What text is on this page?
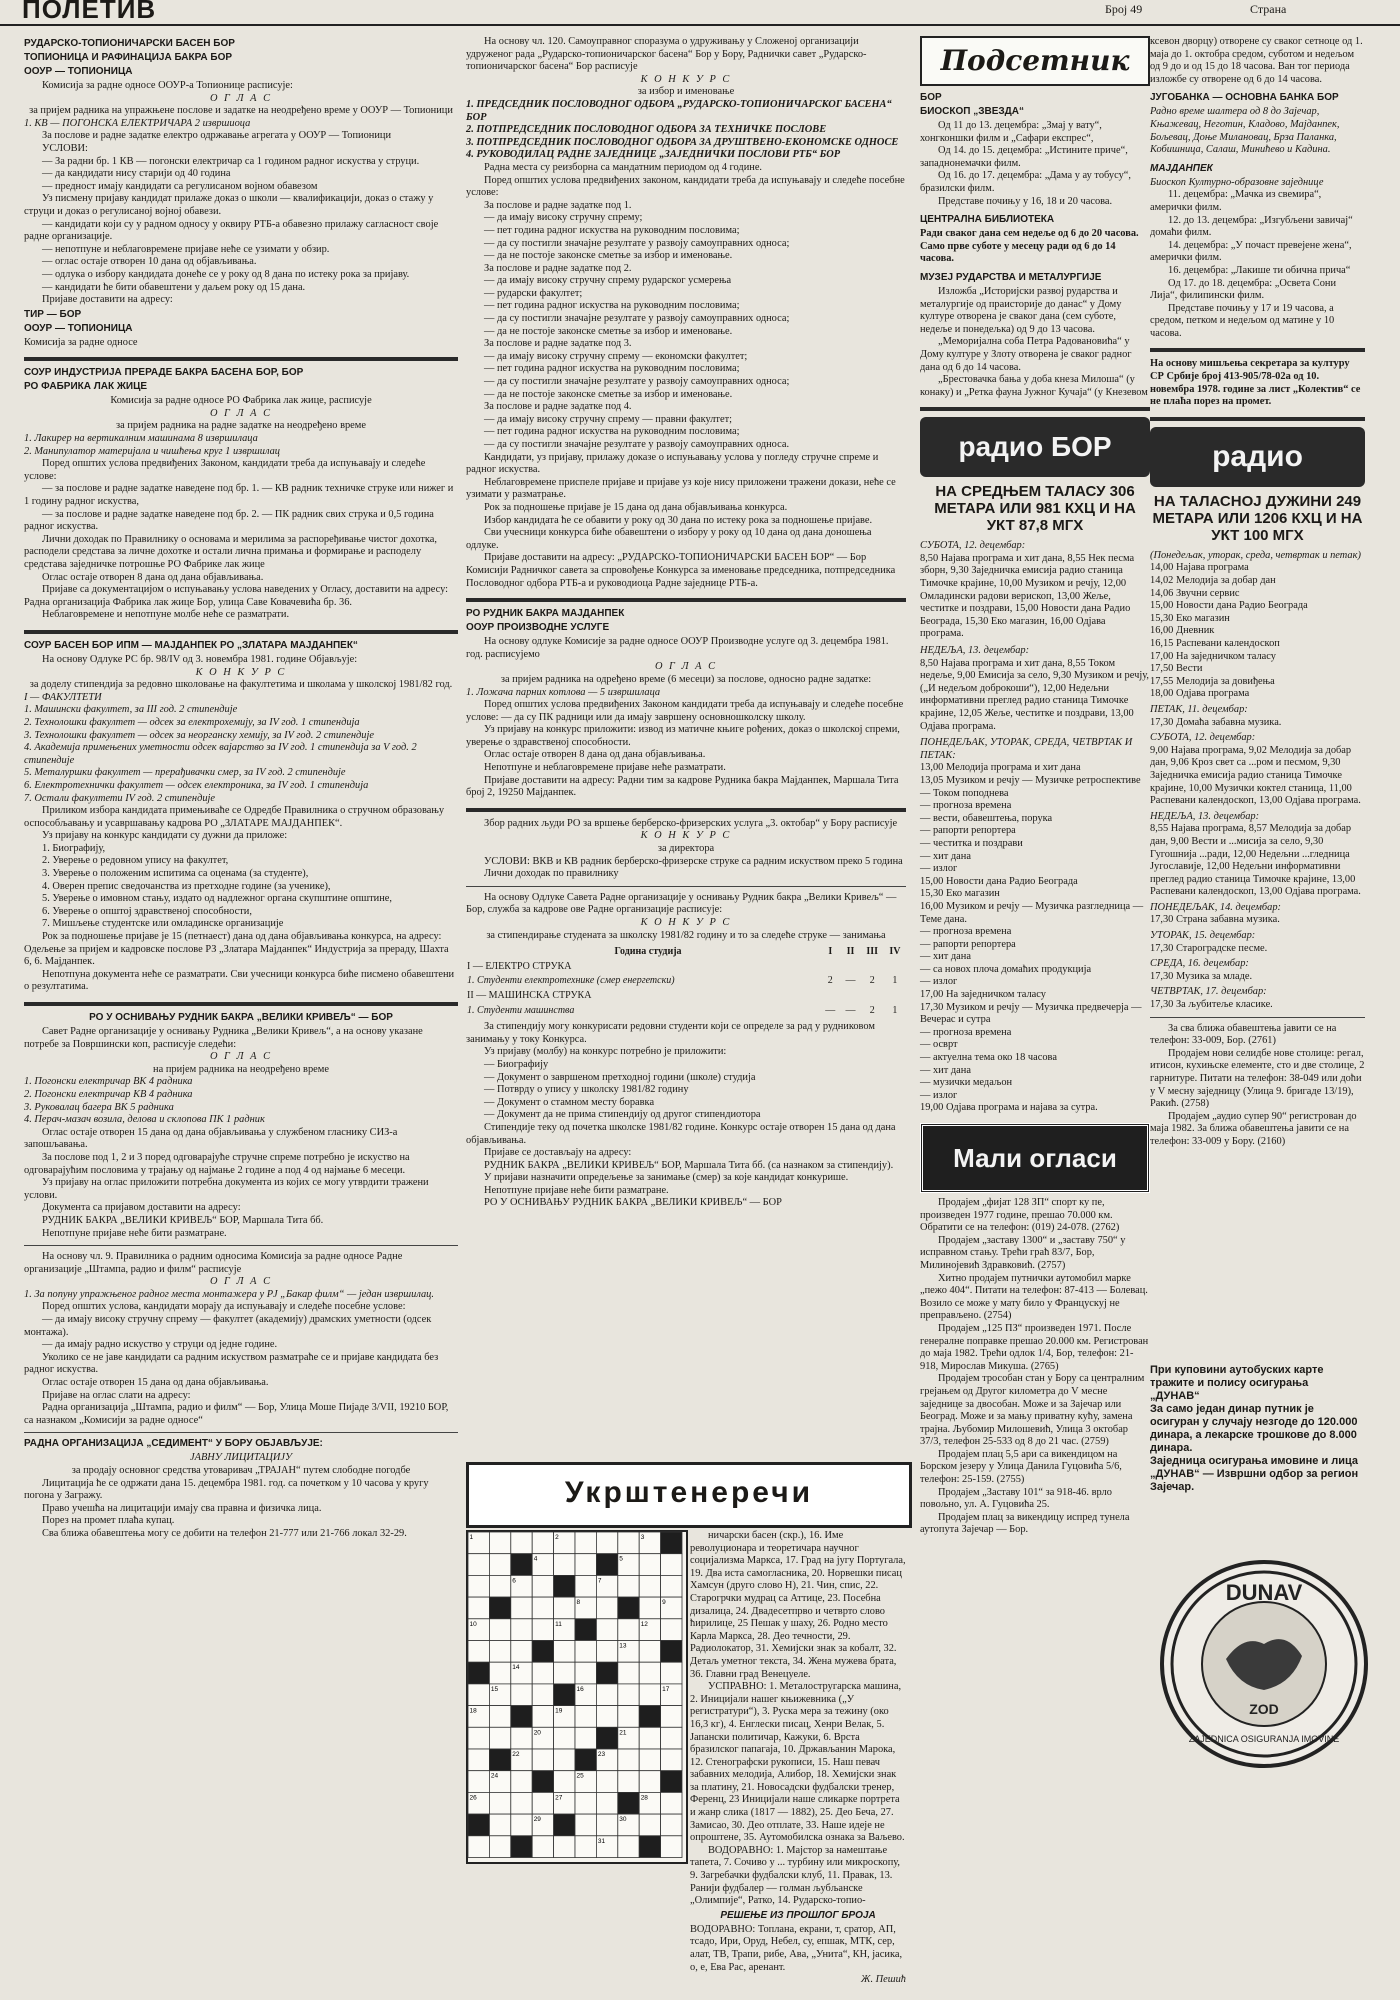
ПОЛЕТИВ	Број 49	Страна

РУДАРСКО-ТОПИОНИЧАРСКИ БАСЕН БОР

ТОПИОНИЦА И РАФИНАЦИЈА БАКРА БОР

ООУР — ТОПИОНИЦА

Комисија за радне односе ООУР-а Топионице расписује:

О Г Л А С

за пријем радника на упражњене послове и задатке на неодређено време у ООУР — Топионици

1. КВ — ПОГОНСКА ЕЛЕКТРИЧАРА 2 извршиоца

За послове и радне задатке електро одржавање агрегата у ООУР — Топионици

УСЛОВИ:

— За радни бр. 1 КВ — погонски електричар са 1 годином радног искуства у струци.

— да кандидати нису старији од 40 година

— предност имају кандидати са регулисаном војном обавезом

Уз писмену пријаву кандидат прилаже доказ о школи — квалификацији, доказ о стажу у струци и доказ о регулисаној војној обавези.

— кандидати који су у радном односу у оквиру РТБ-а обавезно прилажу сагласност своје радне организације.

— непотпуне и неблаговремене пријаве неће се узимати у обзир.

— оглас остаје отворен 10 дана од објављивања.

— одлука о избору кандидата донеће се у року од 8 дана по истеку рока за пријаву.

— кандидати ће бити обавештени у даљем року од 15 дана.

Пријаве доставити на адресу:

ТИР — БОР

ООУР — ТОПИОНИЦА

Комисија за радне односе

СОУР ИНДУСТРИЈА ПРЕРАДЕ БАКРА БАСЕНА БОР, БОР

РО ФАБРИКА ЛАК ЖИЦЕ

Комисија за радне односе РО Фабрика лак жице, расписује

О Г Л А С

за пријем радника на радне задатке на неодређено време

1. Лакирер на вертикалним машинама 8 извршилаца

2. Манипулатор материјала и чишћења круг 1 извршилац

Поред општих услова предвиђених Законом, кандидати треба да испуњавају и следеће услове:

— за послове и радне задатке наведене под бр. 1. — КВ радник техничке струке или нижег и 1 годину радног искуства,

— за послове и радне задатке наведене под бр. 2. — ПК радник свих струка и 0,5 година радног искуства.

Лични доходак по Правилнику о основама и мерилима за распоређивање чистог дохотка, расподели средстава за личне дохотке и остали лична примања и формирање и расподелу средстава заједничке потрошње РО Фабрике лак жице

Оглас остаје отворен 8 дана од дана објављивања.

Пријаве са документацијом о испуњавању услова наведених у Огласу, доставити на адресу: Радна организација Фабрика лак жице Бор, улица Саве Ковачевића бр. 36.

Неблаговремене и непотпуне молбе неће се разматрати.

СОУР БАСЕН БОР ИПМ — МАЈДАНПЕК РО „ЗЛАТАРА МАЈДАНПЕК“

На основу Одлуке РС бр. 98/IV од 3. новембра 1981. године Објављује:

К О Н К У Р С

за доделу стипендија за редовно школовање на факултетима и школама у школској 1981/82 год.

I — ФАКУЛТЕТИ

1. Машински факултет, за III год. 2 стипендије

2. Технолошки факултет — одсек за електрохемију, за IV год. 1 стипендија

3. Технолошки факултет — одсек за неорганску хемију, за IV год. 2 стипендије

4. Академија примењених уметности одсек вајарство за IV год. 1 стипендија за V год. 2 стипендије

5. Металуршки факултет — прерађивачки смер, за IV год. 2 стипендије

6. Електротехнички факултет — одсек електроника, за IV год. 1 стипендија

7. Остали факултети IV год. 2 стипендије

Приликом избора кандидата примењиваће се Одредбе Правилника о стручном образовању оспособљавању и усавршавању кадрова РО „ЗЛАТАРЕ МАЈДАНПЕК“.

Уз пријаву на конкурс кандидати су дужни да приложе:

1. Биографију,

2. Уверење о редовном упису на факултет,

3. Уверење о положеним испитима са оценама (за студенте),

4. Оверен препис сведочанства из претходне године (за ученике),

5. Уверење о имовном стању, издато од надлежног органа скупштине општине,

6. Уверење о општој здравственој способности,

7. Мишљење студентске или омладинске организације

Рок за подношење пријаве је 15 (петнаест) дана од дана објављивања конкурса, на адресу: Одељење за пријем и кадровске послове РЗ „Златара Мајданпек“ Индустрија за прераду, Шахта 6, 6. Мајданпек.

Непотпуна документа неће се разматрати. Сви учесници конкурса биће писмено обавештени о резултатима.

РО У ОСНИВАЊУ РУДНИК БАКРА „ВЕЛИКИ КРИВЕЉ“ — БОР

Савет Радне организације у оснивању Рудника „Велики Кривељ“, а на основу указане потребе за Површински коп, расписује следећи:

О Г Л А С

на пријем радника на неодређено време

1. Погонски електричар ВК 4 радника

2. Погонски електричар КВ 4 радника

3. Руковалац багера ВК 5 радника

4. Перач-мазач возила, делова и склопова ПК 1 радник

Оглас остаје отворен 15 дана од дана објављивања у службеном гласнику СИЗ-а запошљавања.

За послове под 1, 2 и 3 поред одговарајуће стручне спреме потребно је искуство на одговарајућим пословима у трајању од најмање 2 године а под 4 од најмање 6 месеци.

Уз пријаву на оглас приложити потребна документа из којих се могу утврдити тражени услови.

Документа са пријавом доставити на адресу:

РУДНИК БАКРА „ВЕЛИКИ КРИВЕЉ“ БОР, Маршала Тита бб.

Непотпуне пријаве неће бити разматране.

На основу чл. 9. Правилника о радним односима Комисија за радне односе Радне организације „Штампа, радио и филм“ расписује

О Г Л А С

1. За попуну упражњеног радног места монтажера у РЈ „Бакар филм“ — један извршилац.

Поред општих услова, кандидати морају да испуњавају и следеће посебне услове:

— да имају високу стручну спрему — факултет (академију) драмских уметности (одсек монтажа).

— да имају радно искуство у струци од једне године.

Уколико се не јаве кандидати са радним искуством разматраће се и пријаве кандидата без радног искуства.

Оглас остаје отворен 15 дана од дана објављивања.

Пријаве на оглас слати на адресу:

Радна организација „Штампа, радио и филм“ — Бор, Улица Моше Пијаде 3/VII, 19210 БОР, са назнаком „Комисији за радне односе“

РАДНА ОРГАНИЗАЦИЈА „СЕДИМЕНТ“ У БОРУ ОБЈАВЉУЈЕ:

ЈАВНУ ЛИЦИТАЦИЈУ

за продају основног средства утоваривач „ТРАЈАН“ путем слободне погодбе

Лицитација ће се одржати дана 15. децембра 1981. год. са почетком у 10 часова у кругу погона у Загражу.

Право учешћа на лицитацији имају сва правна и физичка лица.

Порез на промет плаћа купац.

Сва ближа обавештења могу се добити на телефон 21-777 или 21-766 локал 32-29.

На основу чл. 120. Самоуправног споразума о удруживању у Сложеној организацији удруженог рада „Рударско-топионичарског басена“ Бор у Бору, Раднички савет „Рударско-топионичарског басена“ Бор расписује

К О Н К У Р С

за избор и именовање

1. ПРЕДСЕДНИК ПОСЛОВОДНОГ ОДБОРА „РУДАРСКО-ТОПИОНИЧАРСКОГ БАСЕНА“ БОР

2. ПОТПРЕДСЕДНИК ПОСЛОВОДНОГ ОДБОРА ЗА ТЕХНИЧКЕ ПОСЛОВЕ

3. ПОТПРЕДСЕДНИК ПОСЛОВОДНОГ ОДБОРА ЗА ДРУШТВЕНО-ЕКОНОМСКЕ ОДНОСЕ

4. РУКОВОДИЛАЦ РАДНЕ ЗАЈЕДНИЦЕ „ЗАЈЕДНИЧКИ ПОСЛОВИ РТБ“ БОР

Радна места су реизборна са мандатним периодом од 4 године.

Поред општих услова предвиђених законом, кандидати треба да испуњавају и следеће посебне услове:

За послове и радне задатке под 1.

— да имају високу стручну спрему;

— пет година радног искуства на руководним пословима;

— да су постигли значајне резултате у развоју самоуправних односа;

— да не постоје законске сметње за избор и именовање.

За послове и радне задатке под 2.

— да имају високу стручну спрему рударског усмерења

— рударски факултет;

— пет година радног искуства на руководним пословима;

— да су постигли значајне резултате у развоју самоуправних односа;

— да не постоје законске сметње за избор и именовање.

За послове и радне задатке под 3.

— да имају високу стручну спрему — економски факултет;

— пет година радног искуства на руководним пословима;

— да су постигли значајне резултате у развоју самоуправних односа;

— да не постоје законске сметње за избор и именовање.

За послове и радне задатке под 4.

— да имају високу стручну спрему — правни факултет;

— пет година радног искуства на руководним пословима;

— да су постигли значајне резултате у развоју самоуправних односа.

Кандидати, уз пријаву, прилажу доказе о испуњавању услова у погледу стручне спреме и радног искуства.

Неблаговремене приспеле пријаве и пријаве уз које нису приложени тражени докази, неће се узимати у разматрање.

Рок за подношење пријаве је 15 дана од дана објављивања конкурса.

Избор кандидата ће се обавити у року од 30 дана по истеку рока за подношење пријаве.

Сви учесници конкурса биће обавештени о избору у року од 10 дана од дана доношења одлуке.

Пријаве доставити на адресу: „РУДАРСКО-ТОПИОНИЧАРСКИ БАСЕН БОР“ — Бор Комисији Радничког савета за спровођење Конкурса за именовање председника, потпредседника Пословодног одбора РТБ-а и руководиоца Радне заједнице РТБ-а.

РО РУДНИК БАКРА МАЈДАНПЕК

ООУР ПРОИЗВОДНЕ УСЛУГЕ

На основу одлуке Комисије за радне односе ООУР Производне услуге од 3. децембра 1981. год. расписујемо

О Г Л А С

за пријем радника на одређено време (6 месеци) за послове, односно радне задатке:

1. Ложача парних котлова — 5 извршилаца

Поред општих услова предвиђених Законом кандидати треба да испуњавају и следеће посебне услове: — да су ПК радници или да имају завршену основношколску школу.

Уз пријаву на конкурс приложити: извод из матичне књиге рођених, доказ о школској спреми, уверење о здравственој способности.

Оглас остаје отворен 8 дана од дана објављивања.

Непотпуне и неблаговремене пријаве неће разматрати.

Пријаве доставити на адресу: Радни тим за кадрове Рудника бакра Мајданпек, Маршала Тита број 2, 19250 Мајданпек.

Збор радних људи РО за вршење берберско-фризерских услуга „3. октобар“ у Бору расписује

К О Н К У Р С

за директора

УСЛОВИ: ВКВ и КВ радник берберско-фризерске струке са радним искуством преко 5 година

Лични доходак по правилнику

На основу Одлуке Савета Радне организације у оснивању Рудник бакра „Велики Кривељ“ — Бор, служба за кадрове ове Радне организације расписује:

К О Н К У Р С

за стипендирање студената за школску 1981/82 годину и то за следеће струке — занимања

	Година студија	I	II	III	IV
I — ЕЛЕКТРО СТРУКА					
1. Студенти електротехнике (смер енергетски)		2	—	2	1
II — МАШИНСКА СТРУКА					
1. Студенти машинства		—	—	2	1

За стипендију могу конкурисати редовни студенти који се определе за рад у рудниковом занимању у току Конкурса.

Уз пријаву (молбу) на конкурс потребно је приложити:

— Биографију

— Документ о завршеном претходној години (школе) студија

— Потврду о упису у школску 1981/82 годину

— Документ о стамном месту боравка

— Документ да не прима стипендију од другог стипендиотора

Стипендије теку од почетка школске 1981/82 године. Конкурс остаје отворен 15 дана од дана објављивања.

Пријаве се достављају на адресу:

РУДНИК БАКРА „ВЕЛИКИ КРИВЕЉ“ БОР, Маршала Тита бб. (са назнаком за стипендију).

У пријави назначити опредељење за занимање (смер) за које кандидат конкурише.

Непотпуне пријаве неће бити разматране.

РО У ОСНИВАЊУ РУДНИК БАКРА „ВЕЛИКИ КРИВЕЉ“ — БОР

Укрштенеречи
1	2	3
4	5
6	7
8	9
10	11	12
13
14
15	16	17
18	19
20	21
22	23
24	25
26	27	28
29	30
31

ничарски басен (скр.), 16. Име револуционара и теоретичара научног социјализма Маркса, 17. Град на југу Португала, 19. Два иста самогласника, 20. Норвешки писац Хамсун (друго слово Н), 21. Чин, спис, 22. Старогрчки мудрац са Аттице, 23. Посебна дизалица, 24. Двадесетпрво и четврто слово ћирилице, 25 Пешак у шаху, 26. Родно место Карла Маркса, 28. Део течности, 29. Радиолокатор, 31. Хемијски знак за кобалт, 32. Детаљ уметног текста, 34. Жена мужева брата, 36. Главни град Венецуеле.

УСПРАВНО: 1. Металостругарска машина, 2. Иницијали нашег књижевника („У регистратури“), 3. Руска мера за тежину (око 16,3 кг), 4. Енглески писац, Хенри Велак, 5. Јапански политичар, Кажуки, 6. Врста бразилског папагаја, 10. Држављанин Марока, 12. Стенографски рукописи, 15. Наш певач забавних мелодија, Алибор, 18. Хемијски знак за платину, 21. Новосадски фудбалски тренер, Ференц, 23 Иницијали наше сликарке портрета и жанр слика (1817 — 1882), 25. Део Беча, 27. Замисао, 30. Део отплате, 33. Наше идеје не опроштене, 35. Аутомобилска ознака за Ваљево.

ВОДОРАВНО: 1. Мајстор за намештање тапета, 7. Сочиво у ... турбину или микроскопу, 9. Загребачки фудбалски клуб, 11. Правак, 13. Ранији фудбалер — голман љубљанске „Олимпије“, Ратко, 14. Рударско-топио-

РЕШЕЊЕ ИЗ ПРОШЛОГ БРОЈА

ВОДОРАВНО: Топлана, екрани, т, сратор, АП, тсадо, Ири, Оруд, Небел, су, епшак, МТК, сер, алат, ТВ, Трапи, рибе, Ава, „Унита“, КН, јасика, о, е, Ева Рас, аренант.

Ж. Пешић

Подсетник

БОР

БИОСКОП „ЗВЕЗДА“

Од 11 до 13. децембра: „Змај у вату“, хонгконшки филм и „Сафари експрес“,

Од 14. до 15. децембра: „Истините приче“, западнонемачки филм.

Од 16. до 17. децембра: „Дама у ау тобусу“, бразилски филм.

Представе почињу у 16, 18 и 20 часова.

ЦЕНТРАЛНА БИБЛИОТЕКА

Ради сваког дана сем недеље од 6 до 20 часова. Само прве суботе у месецу ради од 6 до 14 часова.

МУЗЕЈ РУДАРСТВА И МЕТАЛУРГИЈЕ

Изложба „Историјски развој рударства и металургије од праисторије до данас“ у Дому културе отворена је сваког дана (сем суботе, недеље и понедељка) од 9 до 13 часова.

„Меморијална соба Петра Радовановића“ у Дому културе у Злоту отворена је сваког радног дана од 6 до 14 часова.

„Брестовачка бања у доба кнеза Милоша“ (у конаку) и „Ретка фауна Јужног Кучаја“ (у Кнезевом

радио БОР

НА СРЕДЊЕМ ТАЛАСУ 306 МЕТАРА ИЛИ 981 КХЦ И НА УКТ 87,8 МГХ

СУБОТА, 12. децембар:

8,50 Најава програма и хит дана, 8,55 Нек песма зборн, 9,30 Заједничка емисија радио станица Тимочке крајине, 10,00 Музиком и речју, 12,00 Омладински радови верископ, 13,00 Жеље, честитке и поздрави, 15,00 Новости дана Радио Београда, 15,30 Еко магазин, 16,00 Одјава програма.

НЕДЕЉА, 13. децембар:

8,50 Најава програма и хит дана, 8,55 Током недеље, 9,00 Емисија за село, 9,30 Музиком и речју, („И недељом доброкоши“), 12,00 Недељни информативни преглед радио станица Тимочке крајине, 12,05 Жеље, честитке и поздрави, 13,00 Одјава програма.

ПОНЕДЕЉАК, УТОРАК, СРЕДА, ЧЕТВРТАК И ПЕТАК:

13,00 Мелодија програма и хит дана

13,05 Музиком и речју — Музичке ретроспективе — Током поподнева

— прогноза времена

— вести, обавештења, порука

— рапорти репортера

— честитка и поздрави

— хит дана

— излог

15,00 Новости дана Радио Београда

15,30 Еко магазин

16,00 Музиком и речју — Музичка разгледница — Теме дана.

— прогноза времена

— рапорти репортера

— хит дана

— са новох плоча домаћих продукција

— излог

17,00 На заједничком таласу

17,30 Музиком и речју — Музичка предвечерја — Вечерас и сутра

— прогноза времена

— осврт

— актуелна тема око 18 часова

— хит дана

— музички медаљон

— излог

19,00 Одјава програма и најава за сутра.

Мали огласи

Продајем „фијат 128 ЗП“ спорт ку пе, произведен 1977 године, прешао 70.000 км. Обратити се на телефон: (019) 24-078. (2762)

Продајем „заставу 1300“ и „заставу 750“ у исправном стању. Трећи граћ 83/7, Бор, Милинојевић Здравковић. (2757)

Хитно продајем путнички аутомобил марке „пежо 404“. Питати на телефон: 87-413 — Болевац. Возило се може у мату било у Францускуј не преправљено. (2754)

Продајем „125 ПЗ“ произведен 1971. После генералне поправке прешао 20.000 км. Регистрован до маја 1982. Трећи одлок 1/4, Бор, телефон: 21-918, Мирослав Микуша. (2765)

Продајем трособан стан у Бору са централним грејањем од Другог километра до V месне заједнице за двособан. Може и за Зајечар или Београд. Може и за мању приватну кућу, замена трајна. Љубомир Милошевић, Улица 3 октобар 37/3, телефон 25-533 од 8 до 21 час. (2759)

Продајем плац 5,5 ари са викендицом на Борском језеру у Улица Данила Гуцовића 5/6, телефон: 25-159. (2755)

Продајем „Заставу 101“ за 918-46. врло повољно, ул. А. Гуцовића 25.

Продајем плац за викендицу испред тунела аутопута Зајечар — Бор.

ксевон дворцу) отворене су сваког сетноце од 1. маја до 1. октобра средом, суботом и недељом од 9 до и од 15 до 18 часова. Ван тог периода изложбе су отворене од 6 до 14 часова.

ЈУГОБАНКА — ОСНОВНА БАНКА БОР

Радно време шалтера од 8 до Зајечар, Књажевац, Неготин, Кладово, Мајданпек, Бољевац, Доње Милановац, Брза Паланка, Кобишница, Салаш, Минићево и Кадина.

МАЈДАНПЕК

Биоскоп Културно-образовне заједнице

11. децембра: „Мачка из свемира“, амерички филм.

12. до 13. децембра: „Изгубљени завичај“ домаћи филм.

14. децембра: „У почаст превејене жена“, амерички филм.

16. децембра: „Лакише ти обична прича“

Од 17. до 18. децембра: „Освета Сони Лија“, филипински филм.

Представе почињу у 17 и 19 часова, а средом, петком и недељом од матине у 10 часова.

На основу мишљења секретара за културу СР Србије број 413-905/78-02а од 10. новембра 1978. године за лист „Колектив“ се не плаћа порез на промет.

радио

НА ТАЛАСНОЈ ДУЖИНИ 249 МЕТАРА ИЛИ 1206 КХЦ И НА УКТ 100 МГХ

(Понедељак, уторак, среда, четвртак и петак)

14,00 Најава програма

14,02 Мелодија за добар дан

14,06 Звучни сервис

15,00 Новости дана Радио Београда

15,30 Еко магазин

16,00 Дневник

16,15 Распевани календоскоп

17,00 На заједничком таласу

17,50 Вести

17,55 Мелодија за довиђења

18,00 Одјава програма

ПЕТАК, 11. децембар:

17,30 Домаћа забавна музика.

СУБОТА, 12. децембар:

9,00 Најава програма, 9,02 Мелодија за добар дан, 9,06 Кроз свет са ...ром и песмом, 9,30 Заједничка емисија радио станица Тимочке крајине, 10,00 Музички коктел станица, 11,00 Распевани календоскоп, 13,00 Одјава програма.

НЕДЕЉА, 13. децембар:

8,55 Најава програма, 8,57 Мелодија за добар дан, 9,00 Вести и ...мисија за село, 9,30 Гугошнија ...ради, 12,00 Недељни ...гледница Југославије, 12,00 Недељни информативни преглед радио станица Тимочке крајине, 13,00 Распевани календоскоп, 13,00 Одјава програма.

ПОНЕДЕЉАК, 14. децембар:

17,30 Страна забавна музика.

УТОРАК, 15. децембар:

17,30 Староградске песме.

СРЕДА, 16. децембар:

17,30 Музика за младе.

ЧЕТВРТАК, 17. децембар:

17,30 За љубитеље класике.

За сва ближа обавештења јавити се на телефон: 33-009, Бор. (2761)

Продајем нови селидбе нове столице: регал, итисон, кухињске елементе, сто и две столице, 2 гарнитуре. Питати на телефон: 38-049 или доћи у V месну заједницу (Улица 9. бригаде 13/19), Ракић. (2758)

Продајем „аудио супер 90“ регистрован до маја 1982. За ближа обавештења јавити се на телефон: 33-009 у Бору. (2160)

При куповини аутобуских карте тражите и полису осигурања

„ДУНАВ“

За само један динар путник је осигуран у случају незгоде до 120.000 динара, а лекарске трошкове до 8.000 динара.

Заједница осигурања имовине и лица „ДУНАВ“ — Извршни одбор за регион Зајечар.

DUNAV
ZAJEDNICA OSIGURANJA IMOVINE
ZOD
